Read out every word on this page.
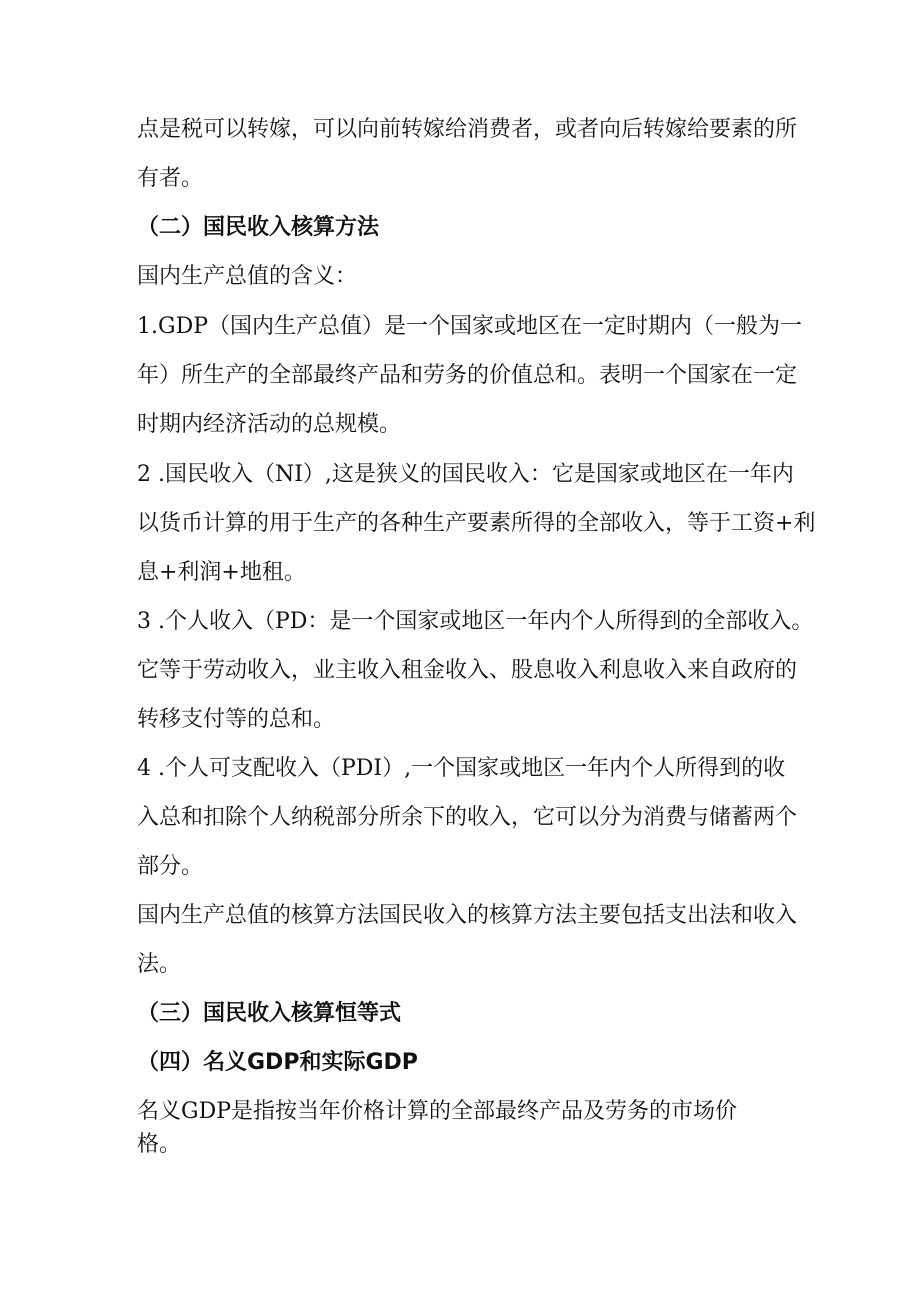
点是税可以转嫁，可以向前转嫁给消费者，或者向后转嫁给要素的所

有者。

（二）国民收入核算方法

国内生产总值的含义：

1.GDP（国内生产总值）是一个国家或地区在一定时期内（一般为一

年）所生产的全部最终产品和劳务的价值总和。表明一个国家在一定

时期内经济活动的总规模。

2 .国民收入（NI）,这是狭义的国民收入：它是国家或地区在一年内

以货币计算的用于生产的各种生产要素所得的全部收入，等于工资+利

息+利润+地租。

3 .个人收入（PD：是一个国家或地区一年内个人所得到的全部收入。

它等于劳动收入，业主收入租金收入、股息收入利息收入来自政府的

转移支付等的总和。

4 .个人可支配收入（PDI）,一个国家或地区一年内个人所得到的收

入总和扣除个人纳税部分所余下的收入，它可以分为消费与储蓄两个

部分。

国内生产总值的核算方法国民收入的核算方法主要包括支出法和收入

法。

（三）国民收入核算恒等式

（四）名义GDP和实际GDP

名义GDP是指按当年价格计算的全部最终产品及劳务的市场价

格。
